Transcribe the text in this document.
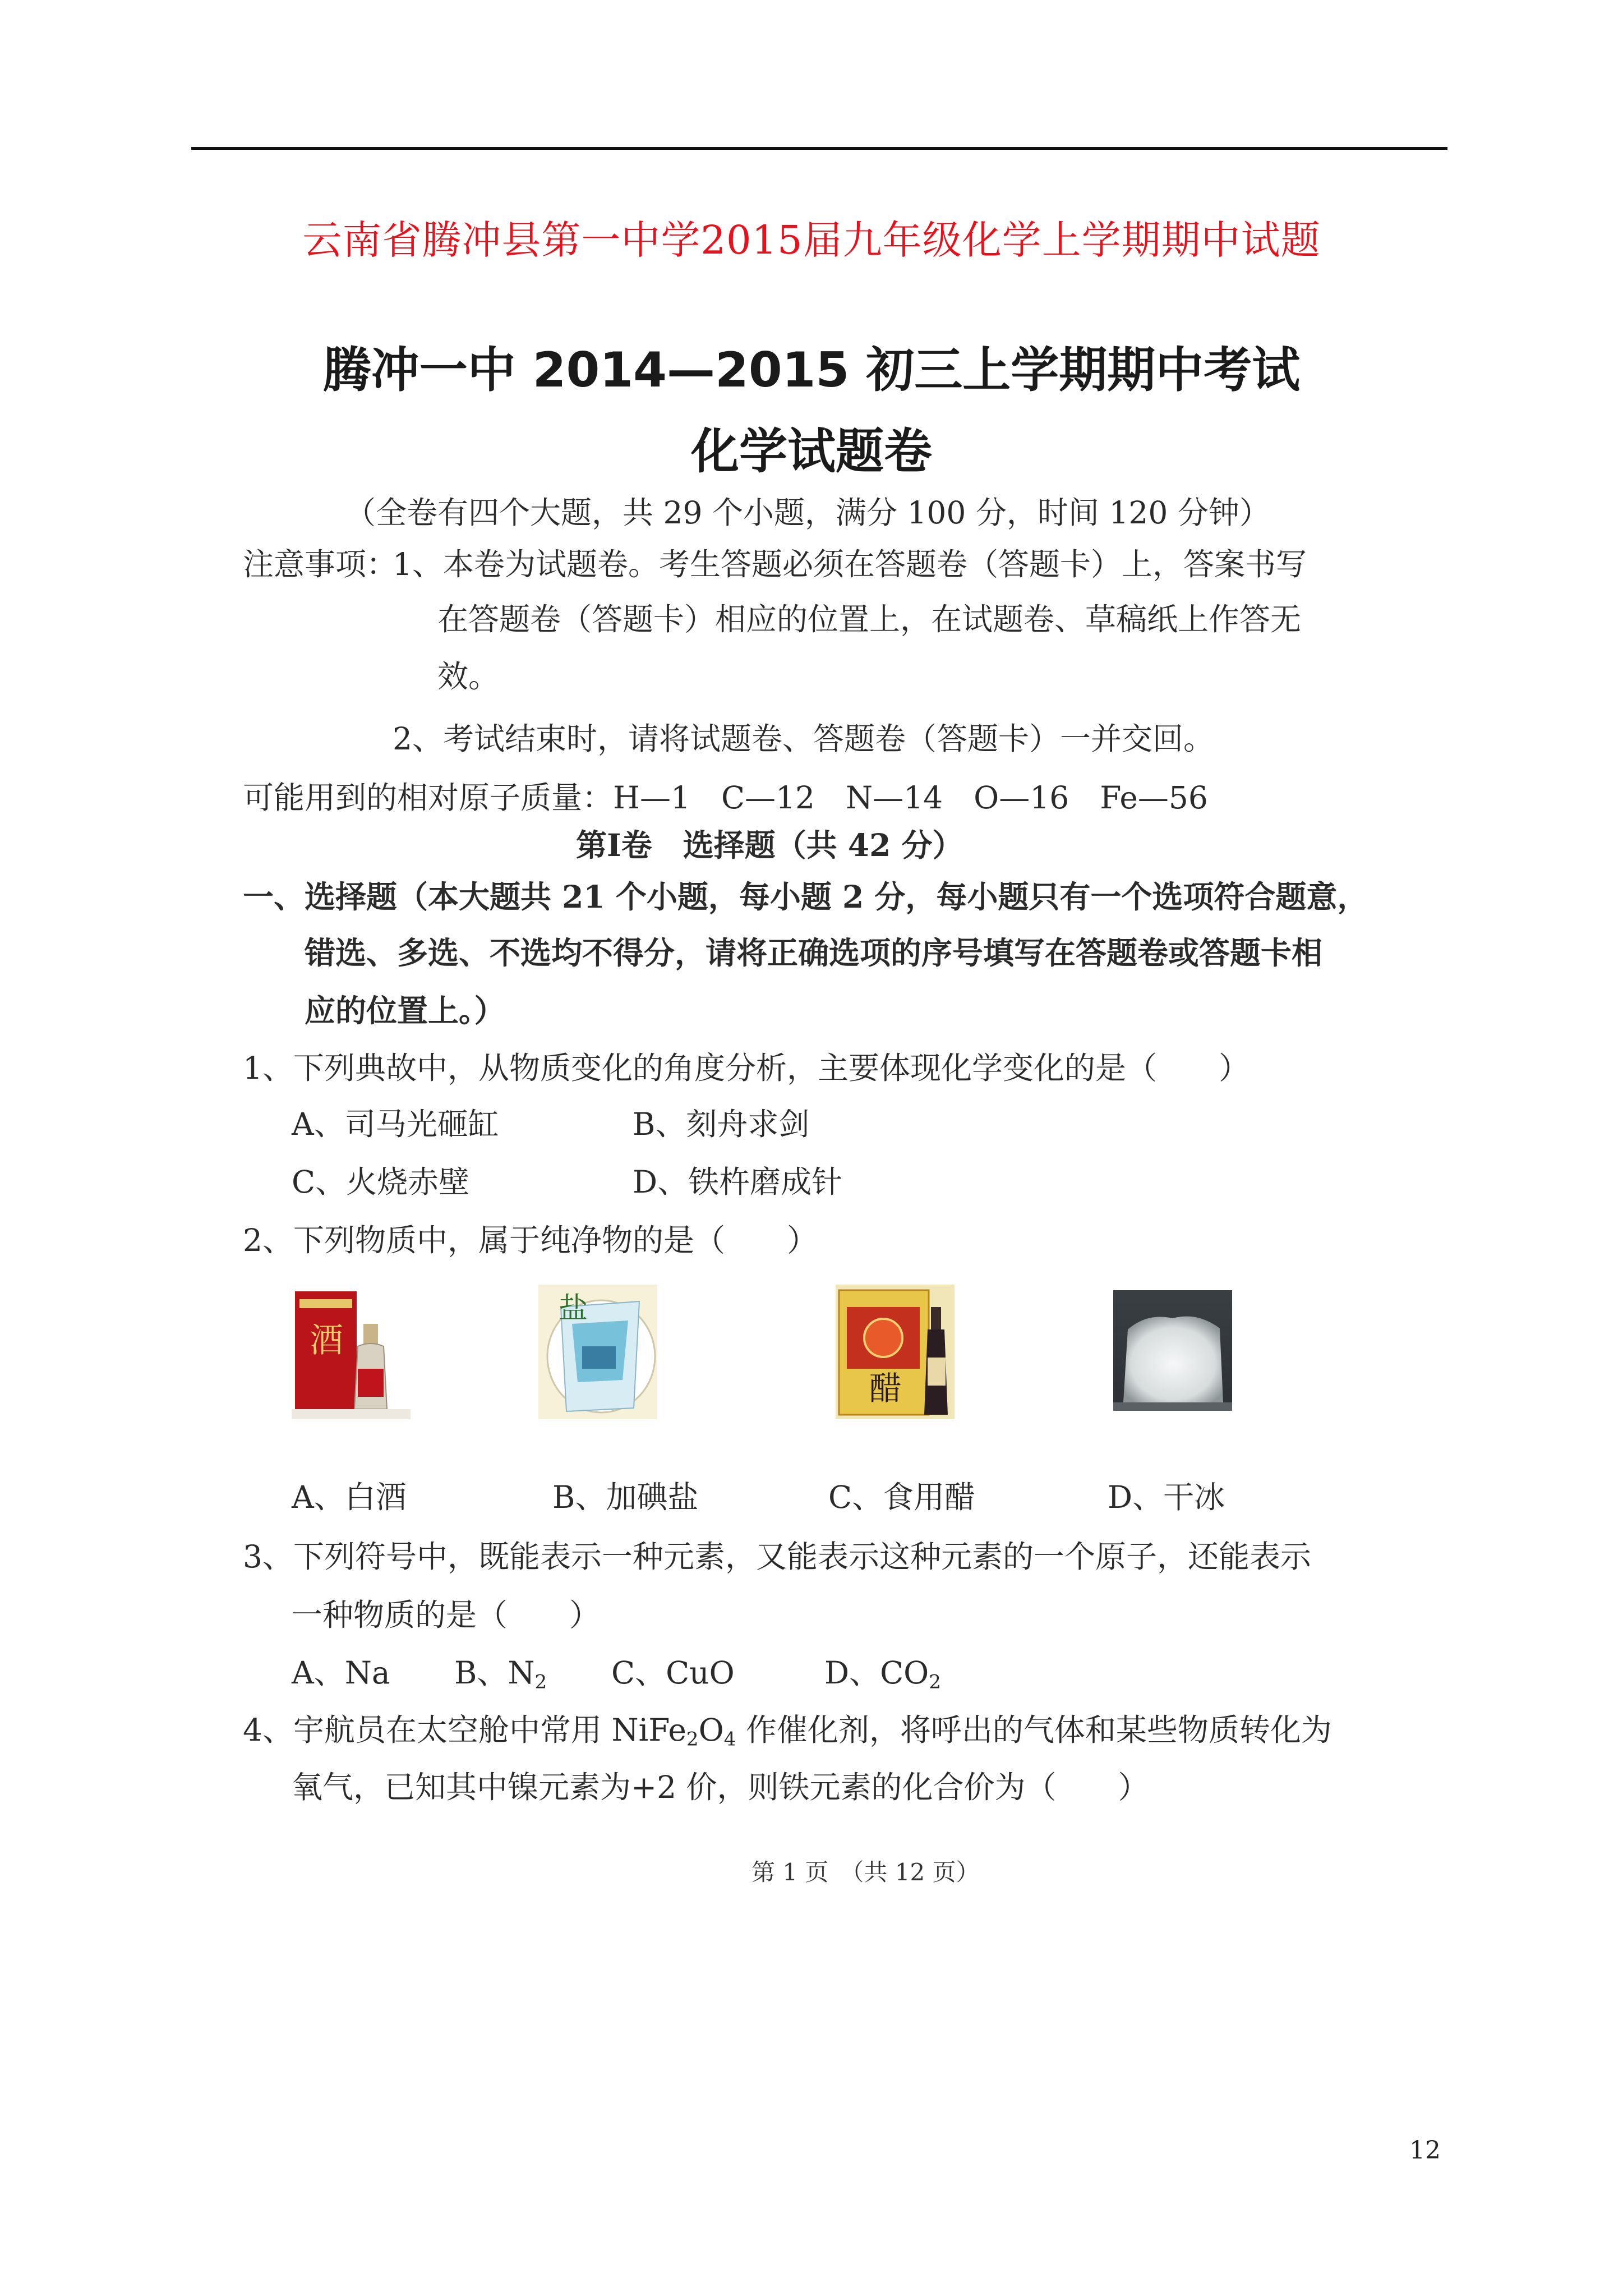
云南省腾冲县第一中学2015届九年级化学上学期期中试题
腾冲一中 2014—2015 初三上学期期中考试
化学试题卷
（全卷有四个大题，共 29 个小题，满分 100 分，时间 120 分钟）
注意事项：
1、本卷为试题卷。考生答题必须在答题卷（答题卡）上，答案书写
在答题卷（答题卡）相应的位置上，在试题卷、草稿纸上作答无
效。
2、考试结束时，请将试题卷、答题卷（答题卡）一并交回。
可能用到的相对原子质量：H—1　C—12　N—14　O—16　Fe—56
第Ⅰ卷　选择题（共 42 分）
一、选择题（本大题共 21 个小题，每小题 2 分，每小题只有一个选项符合题意，
错选、多选、不选均不得分，请将正确选项的序号填写在答题卷或答题卡相
应的位置上。）
1、下列典故中，从物质变化的角度分析，主要体现化学变化的是（　　）
A、司马光砸缸	B、刻舟求剑
C、火烧赤壁	D、铁杵磨成针
2、下列物质中，属于纯净物的是（　　）
酒
盐
醋
A、白酒	B、加碘盐	C、食用醋	D、干冰
3、下列符号中，既能表示一种元素，又能表示这种元素的一个原子，还能表示
一种物质的是（　　）
A、Na B、$N_2$ C、CuO	D、$CO_2$
4、宇航员在太空舱中常用 $NiFe_2O_4$ 作催化剂，将呼出的气体和某些物质转化为
氧气，已知其中镍元素为+2 价，则铁元素的化合价为（　　）
第 1 页　（共 12 页）
12
